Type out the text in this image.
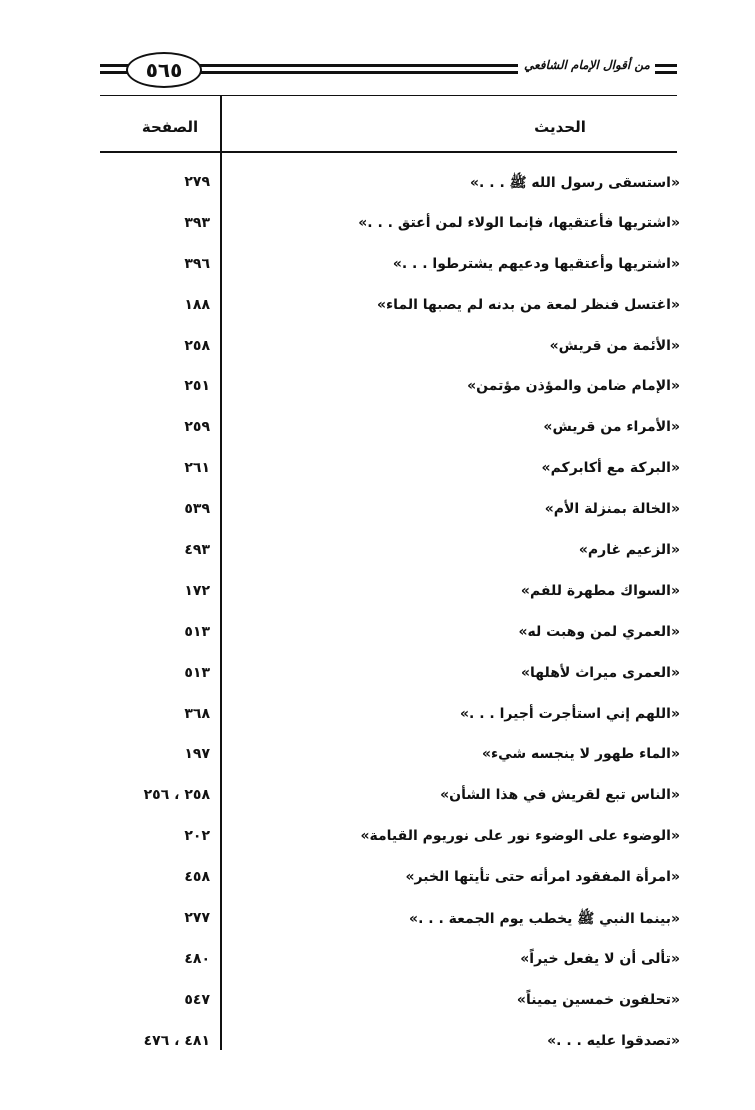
٥٦٥	من أقوال الإمام الشافعي
الحديث
الصفحة
«استسقى رسول الله ﷺ . . .»
٢٧٩
«اشتريها فأعتقيها، فإنما الولاء لمن أعتق . . .»
٣٩٣
«اشتريها وأعتقيها ودعيهم يشترطوا . . .»
٣٩٦
«اغتسل فنظر لمعة من بدنه لم يصبها الماء»
١٨٨
«الأئمة من قريش»
٢٥٨
«الإمام ضامن والمؤذن مؤتمن»
٢٥١
«الأمراء من قريش»
٢٥٩
«البركة مع أكابركم»
٢٦١
«الخالة بمنزلة الأم»
٥٣٩
«الزعيم غارم»
٤٩٣
«السواك مطهرة للفم»
١٧٢
«العمري لمن وهبت له»
٥١٣
«العمرى ميراث لأهلها»
٥١٣
«اللهم إني استأجرت أجيرا . . .»
٣٦٨
«الماء طهور لا ينجسه شيء»
١٩٧
«الناس تبع لقريش في هذا الشأن»
٢٥٨ ، ٢٥٦
«الوضوء على الوضوء نور على نوريوم القيامة»
٢٠٢
«امرأة المفقود امرأته حتى تأيتها الخبر»
٤٥٨
«بينما النبي ﷺ يخطب يوم الجمعة . . .»
٢٧٧
«تألى أن لا يفعل خيراً»
٤٨٠
«تحلفون خمسين يميناً»
٥٤٧
«تصدقوا عليه . . .»
٤٨١ ، ٤٧٦
